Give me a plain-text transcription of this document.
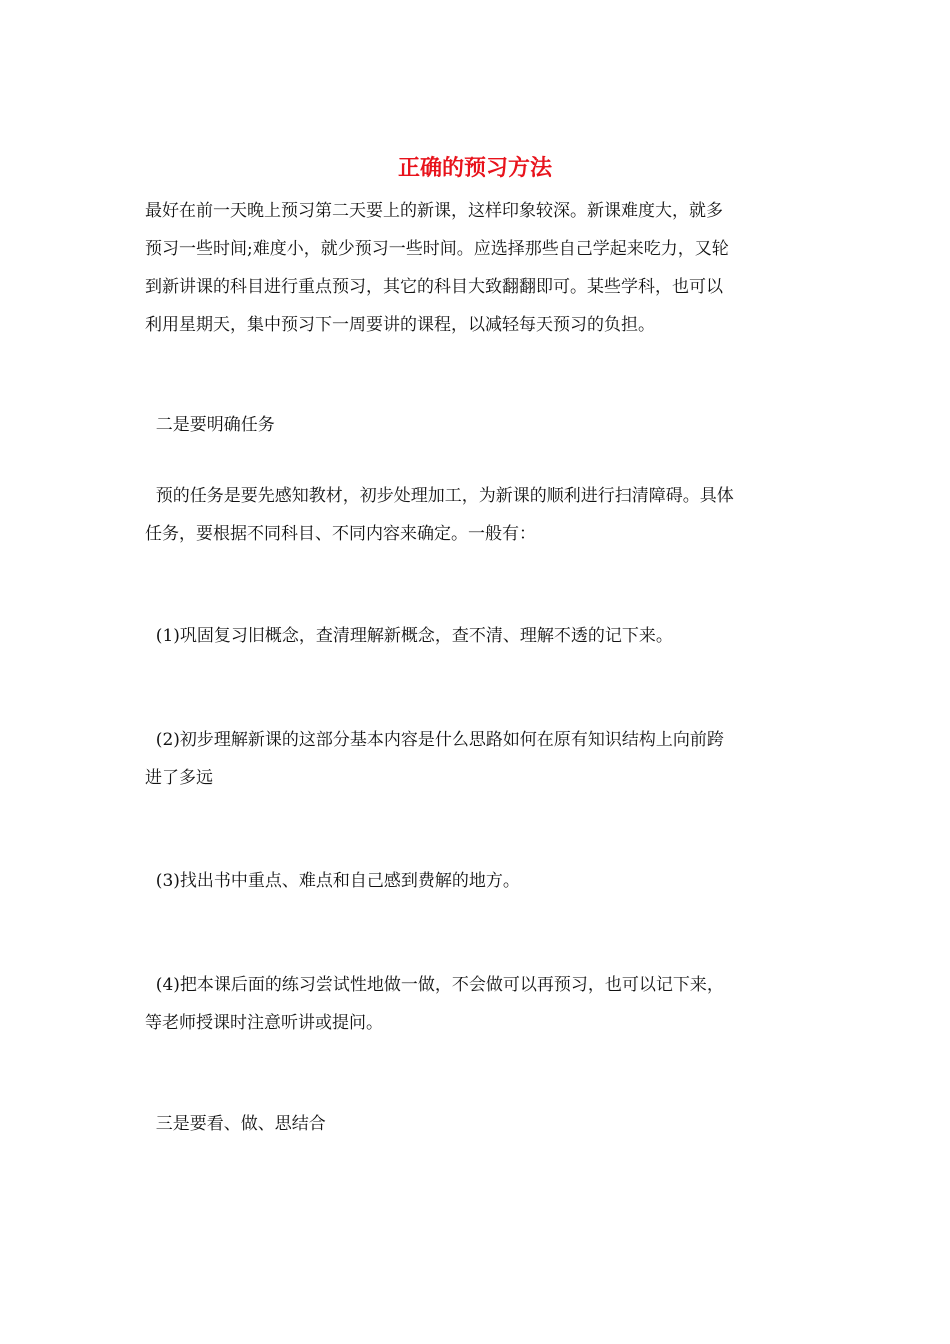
正确的预习方法
最好在前一天晚上预习第二天要上的新课，这样印象较深。新课难度大，就多
预习一些时间;难度小，就少预习一些时间。应选择那些自己学起来吃力，又轮
到新讲课的科目进行重点预习，其它的科目大致翻翻即可。某些学科，也可以
利用星期天，集中预习下一周要讲的课程，以减轻每天预习的负担。
二是要明确任务
预的任务是要先感知教材，初步处理加工，为新课的顺利进行扫清障碍。具体
任务，要根据不同科目、不同内容来确定。一般有：
(1)巩固复习旧概念，查清理解新概念，查不清、理解不透的记下来。
(2)初步理解新课的这部分基本内容是什么思路如何在原有知识结构上向前跨
进了多远
(3)找出书中重点、难点和自己感到费解的地方。
(4)把本课后面的练习尝试性地做一做，不会做可以再预习，也可以记下来，
等老师授课时注意听讲或提问。
三是要看、做、思结合
